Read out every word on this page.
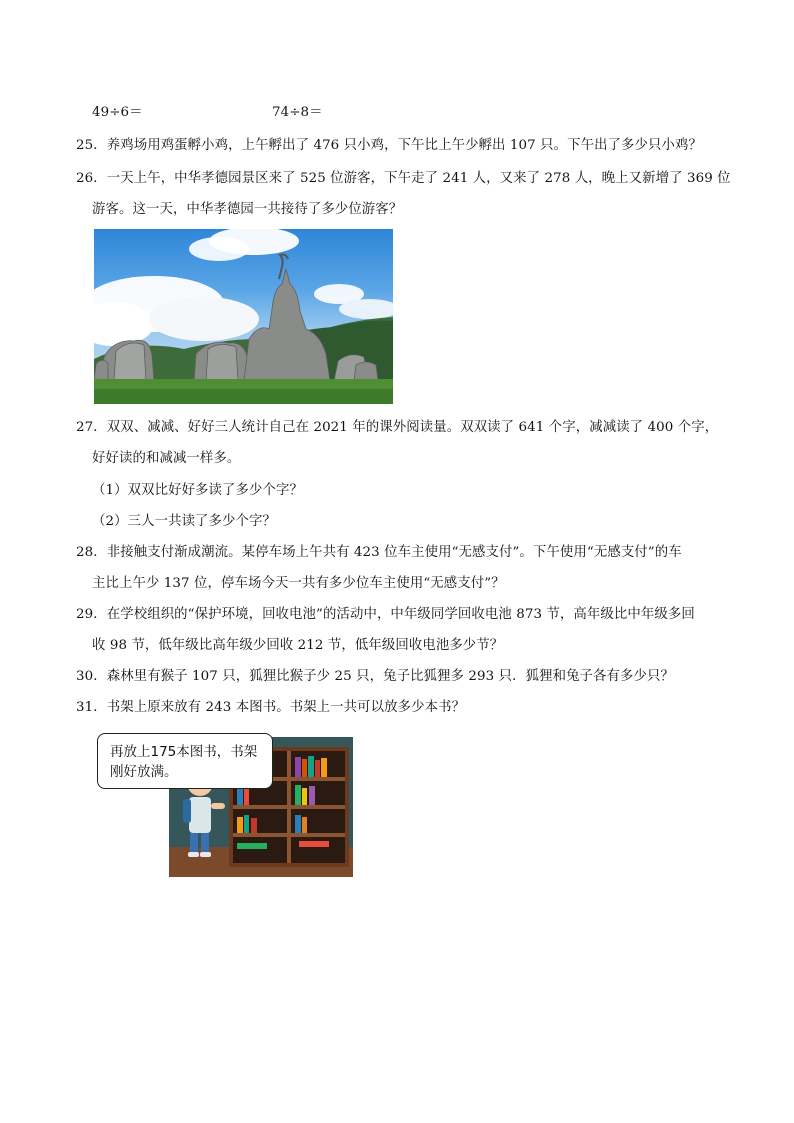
49÷6＝	74÷8＝
25．养鸡场用鸡蛋孵小鸡，上午孵出了 476 只小鸡，下午比上午少孵出 107 只。下午出了多少只小鸡？
26．一天上午，中华孝德园景区来了 525 位游客，下午走了 241 人，又来了 278 人，晚上又新增了 369 位
游客。这一天，中华孝德园一共接待了多少位游客？
27．双双、减减、好好三人统计自己在 2021 年的课外阅读量。双双读了 641 个字，减减读了 400 个字，
好好读的和减减一样多。
（1）双双比好好多读了多少个字？
（2）三人一共读了多少个字？
28．非接触支付渐成潮流。某停车场上午共有 423 位车主使用“无感支付”。下午使用“无感支付”的车
主比上午少 137 位，停车场今天一共有多少位车主使用“无感支付”？
29．在学校组织的“保护环境，回收电池”的活动中，中年级同学回收电池 873 节，高年级比中年级多回
收 98 节，低年级比高年级少回收 212 节，低年级回收电池多少节？
30．森林里有猴子 107 只，狐狸比猴子少 25 只，兔子比狐狸多 293 只．狐狸和兔子各有多少只？
31．书架上原来放有 243 本图书。书架上一共可以放多少本书？
再放上175本图书，书架刚好放满。
